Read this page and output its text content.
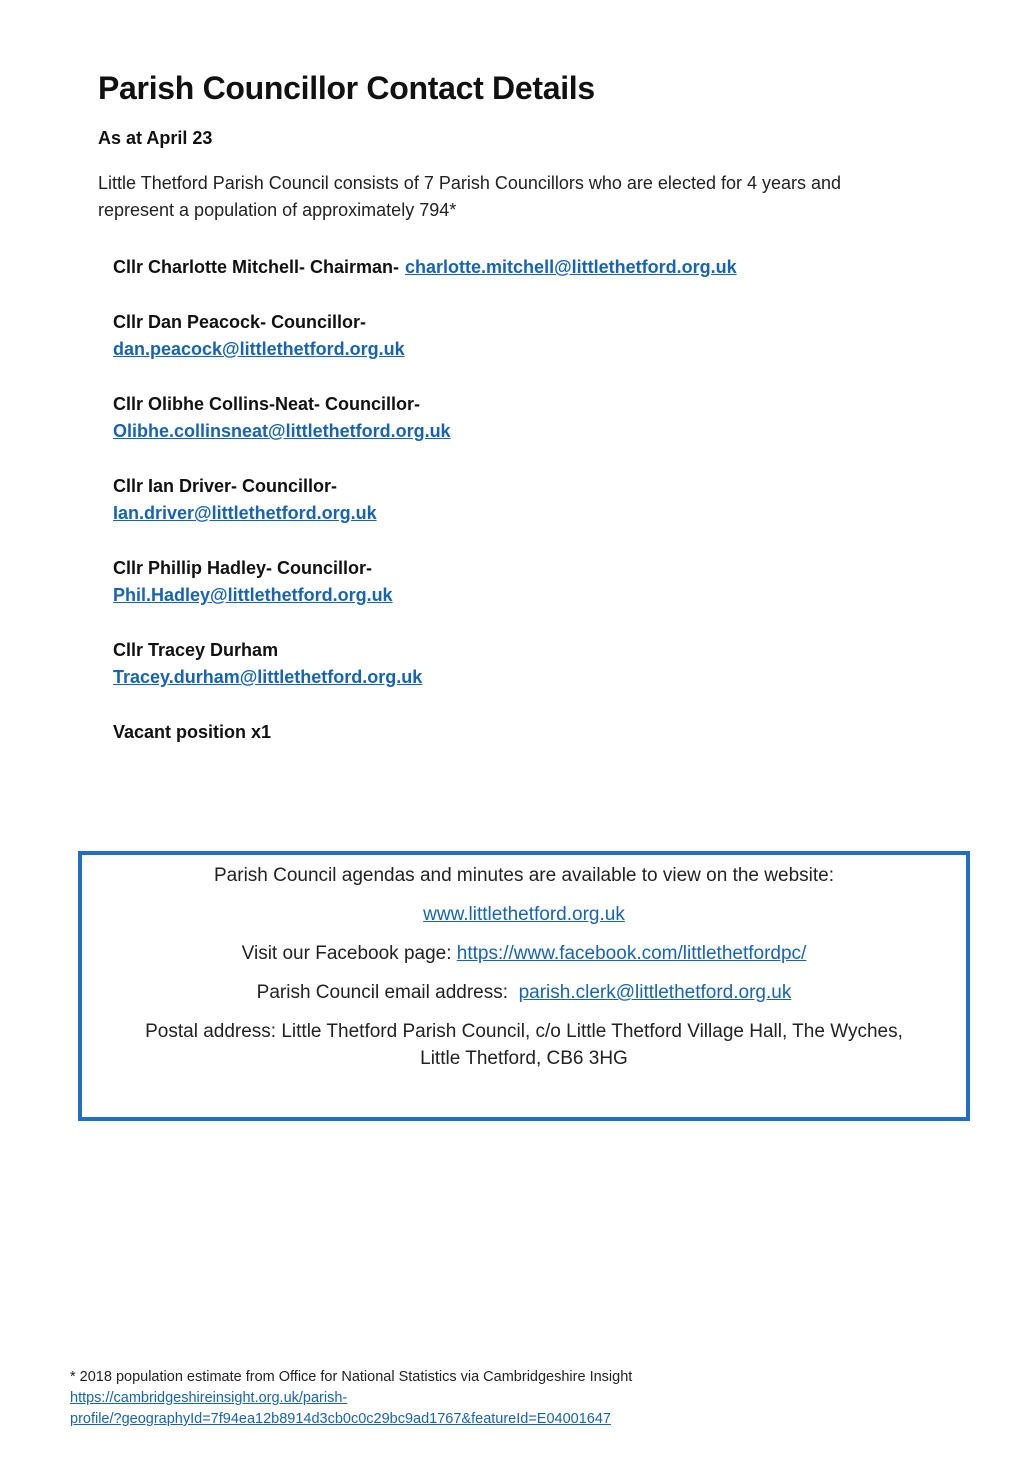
Parish Councillor Contact Details

As at April 23

Little Thetford Parish Council consists of 7 Parish Councillors who are elected for 4 years and
represent a population of approximately 794*
Cllr Charlotte Mitchell- Chairman- charlotte.mitchell@littlethetford.org.uk
Cllr Dan Peacock- Councillor-
dan.peacock@littlethetford.org.uk
Cllr Olibhe Collins-Neat- Councillor-
Olibhe.collinsneat@littlethetford.org.uk
Cllr Ian Driver- Councillor-
Ian.driver@littlethetford.org.uk
Cllr Phillip Hadley- Councillor-
Phil.Hadley@littlethetford.org.uk
Cllr Tracey Durham
Tracey.durham@littlethetford.org.uk
Vacant position x1
Parish Council agendas and minutes are available to view on the website:
www.littlethetford.org.uk
Visit our Facebook page: https://www.facebook.com/littlethetfordpc/
Parish Council email address: parish.clerk@littlethetford.org.uk
Postal address: Little Thetford Parish Council, c/o Little Thetford Village Hall, The Wyches,
Little Thetford, CB6 3HG
* 2018 population estimate from Office for National Statistics via Cambridgeshire Insight
https://cambridgeshireinsight.org.uk/parish-
profile/?geographyId=7f94ea12b8914d3cb0c0c29bc9ad1767&featureId=E04001647
